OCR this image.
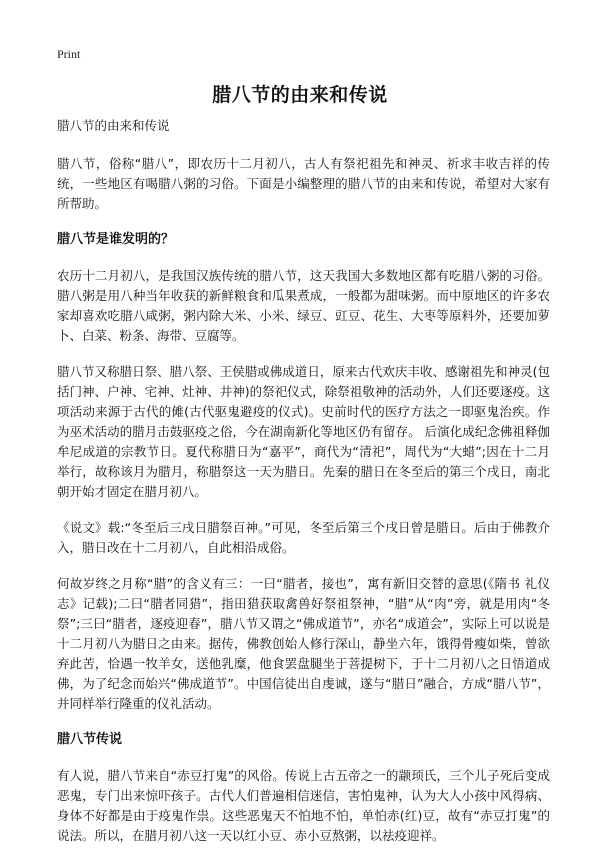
Print
腊八节的由来和传说

腊八节的由来和传说

腊八节，俗称“腊八”，即农历十二月初八，古人有祭祀祖先和神灵、祈求丰收吉祥的传统，一些地区有喝腊八粥的习俗。下面是小编整理的腊八节的由来和传说，希望对大家有所帮助。

腊八节是谁发明的？

农历十二月初八，是我国汉族传统的腊八节，这天我国大多数地区都有吃腊八粥的习俗。腊八粥是用八种当年收获的新鲜粮食和瓜果煮成，一般都为甜味粥。而中原地区的许多农家却喜欢吃腊八咸粥，粥内除大米、小米、绿豆、豇豆、花生、大枣等原料外，还要加萝卜、白菜、粉条、海带、豆腐等。

腊八节又称腊日祭、腊八祭、王侯腊或佛成道日，原来古代欢庆丰收、感谢祖先和神灵(包括门神、户神、宅神、灶神、井神)的祭祀仪式，除祭祖敬神的活动外，人们还要逐疫。这项活动来源于古代的傩(古代驱鬼避疫的仪式)。史前时代的医疗方法之一即驱鬼治疾。作为巫术活动的腊月击鼓驱疫之俗，今在湖南新化等地区仍有留存。 后演化成纪念佛祖释伽牟尼成道的宗教节日。夏代称腊日为“嘉平”，商代为“清祀”，周代为“大蜡”;因在十二月举行，故称该月为腊月，称腊祭这一天为腊日。先秦的腊日在冬至后的第三个戌日，南北朝开始才固定在腊月初八。

《说文》载:“冬至后三戌日腊祭百神。”可见，冬至后第三个戌日曾是腊日。后由于佛教介入，腊日改在十二月初八，自此相沿成俗。

何故岁终之月称“腊”的含义有三：一曰“腊者，接也”，寓有新旧交替的意思(《隋书 礼仪志》记载);二曰“腊者同猎”，指田猎获取禽兽好祭祖祭神，“腊”从“肉”旁，就是用肉“冬祭”;三曰“腊者，逐疫迎春”，腊八节又谓之“佛成道节”，亦名“成道会”，实际上可以说是十二月初八为腊日之由来。据传，佛教创始人修行深山，静坐六年，饿得骨瘦如柴，曾欲弃此苦，恰遇一牧羊女，送他乳糜，他食罢盘腿坐于菩提树下，于十二月初八之日悟道成佛，为了纪念而始兴“佛成道节”。中国信徒出自虔诚，遂与“腊日”融合，方成“腊八节”，并同样举行隆重的仪礼活动。

腊八节传说

有人说，腊八节来自“赤豆打鬼”的风俗。传说上古五帝之一的颛顼氏，三个儿子死后变成恶鬼，专门出来惊吓孩子。古代人们普遍相信迷信，害怕鬼神，认为大人小孩中风得病、身体不好都是由于疫鬼作祟。这些恶鬼天不怕地不怕，单怕赤(红)豆，故有“赤豆打鬼”的说法。所以，在腊月初八这一天以红小豆、赤小豆熬粥，以祛疫迎祥。
